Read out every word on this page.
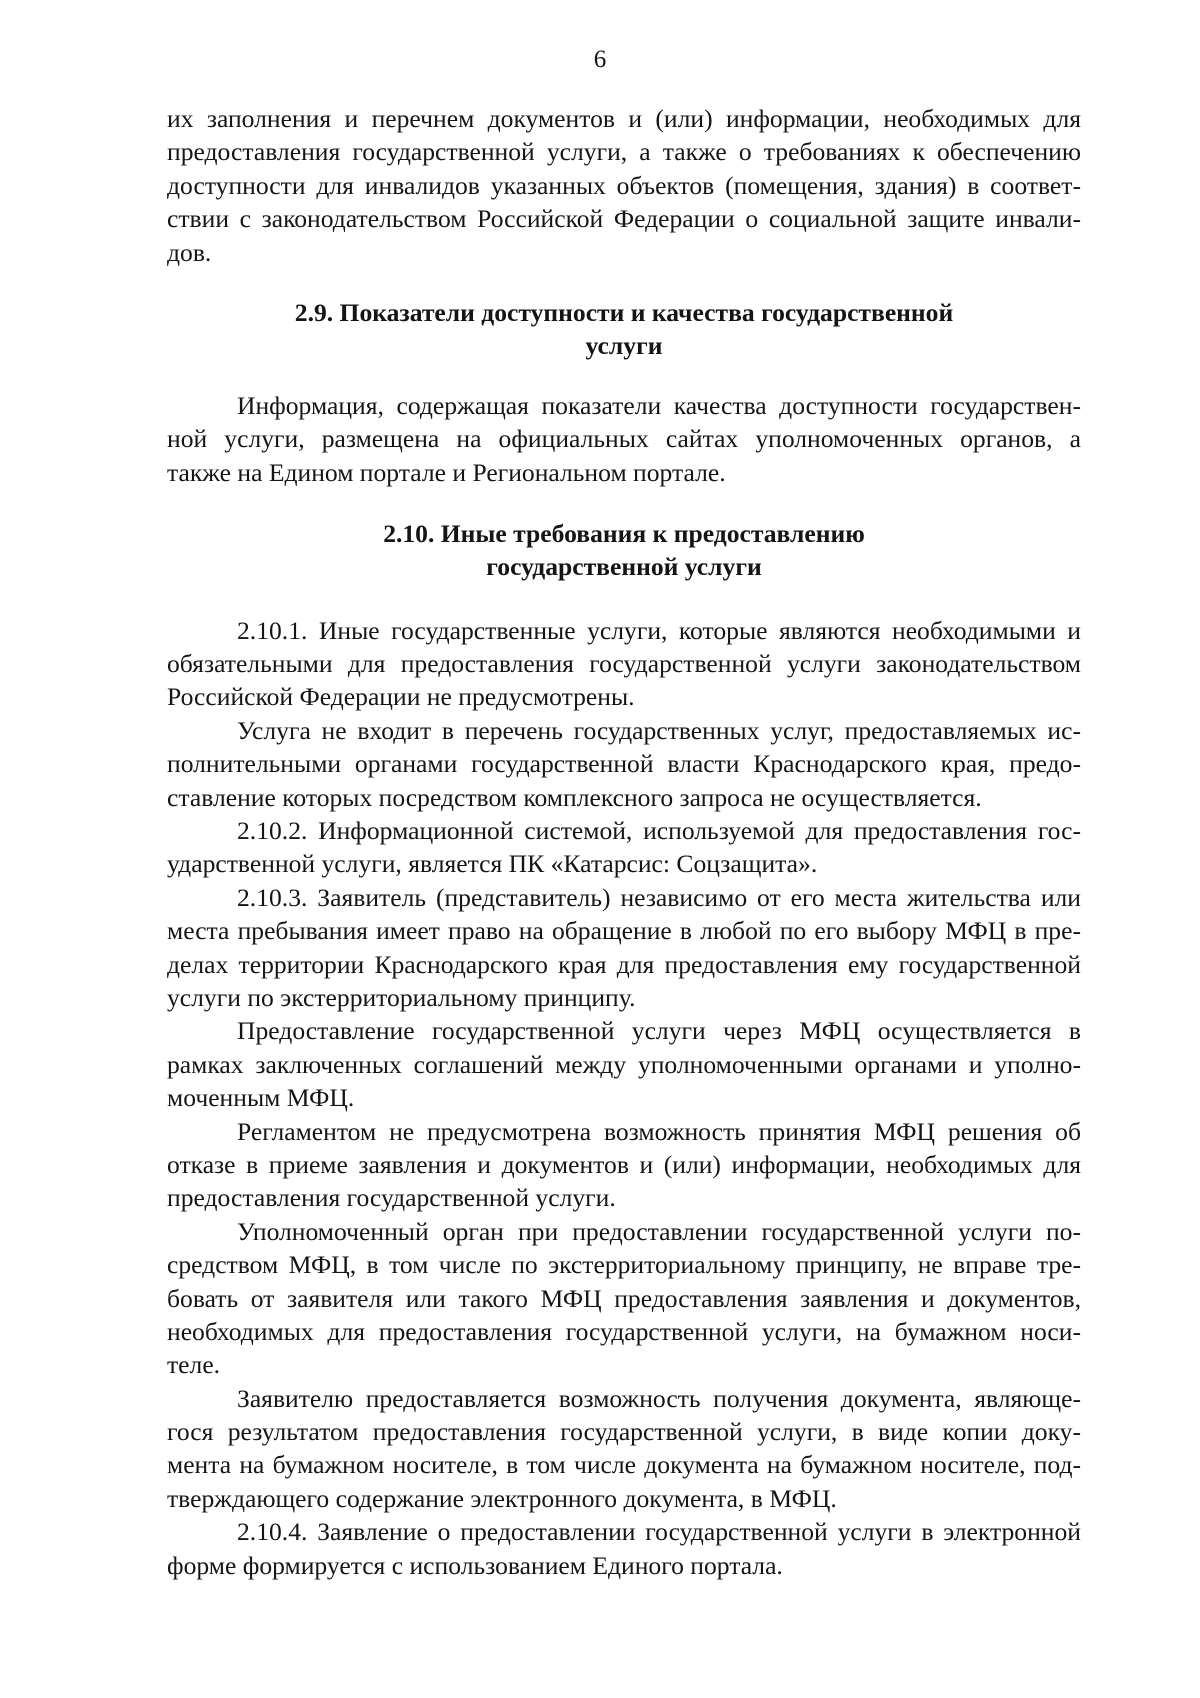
6
их заполнения и перечнем документов и (или) информации, необходимых для
предоставления государственной услуги, а также о требованиях к обеспечению
доступности для инвалидов указанных объектов (помещения, здания) в соответ-
ствии с законодательством Российской Федерации о социальной защите инвали-
дов.
2.9. Показатели доступности и качества государственной
услуги
Информация, содержащая показатели качества доступности государствен-
ной услуги, размещена на официальных сайтах уполномоченных органов, а
также на Едином портале и Региональном портале.
2.10. Иные требования к предоставлению
государственной услуги
2.10.1. Иные государственные услуги, которые являются необходимыми и
обязательными для предоставления государственной услуги законодательством
Российской Федерации не предусмотрены.
Услуга не входит в перечень государственных услуг, предоставляемых ис-
полнительными органами государственной власти Краснодарского края, предо-
ставление которых посредством комплексного запроса не осуществляется.
2.10.2. Информационной системой, используемой для предоставления гос-
ударственной услуги, является ПК «Катарсис: Соцзащита».
2.10.3. Заявитель (представитель) независимо от его места жительства или
места пребывания имеет право на обращение в любой по его выбору МФЦ в пре-
делах территории Краснодарского края для предоставления ему государственной
услуги по экстерриториальному принципу.
Предоставление государственной услуги через МФЦ осуществляется в
рамках заключенных соглашений между уполномоченными органами и уполно-
моченным МФЦ.
Регламентом не предусмотрена возможность принятия МФЦ решения об
отказе в приеме заявления и документов и (или) информации, необходимых для
предоставления государственной услуги.
Уполномоченный орган при предоставлении государственной услуги по-
средством МФЦ, в том числе по экстерриториальному принципу, не вправе тре-
бовать от заявителя или такого МФЦ предоставления заявления и документов,
необходимых для предоставления государственной услуги, на бумажном носи-
теле.
Заявителю предоставляется возможность получения документа, являюще-
гося результатом предоставления государственной услуги, в виде копии доку-
мента на бумажном носителе, в том числе документа на бумажном носителе, под-
тверждающего содержание электронного документа, в МФЦ.
2.10.4. Заявление о предоставлении государственной услуги в электронной
форме формируется с использованием Единого портала.
